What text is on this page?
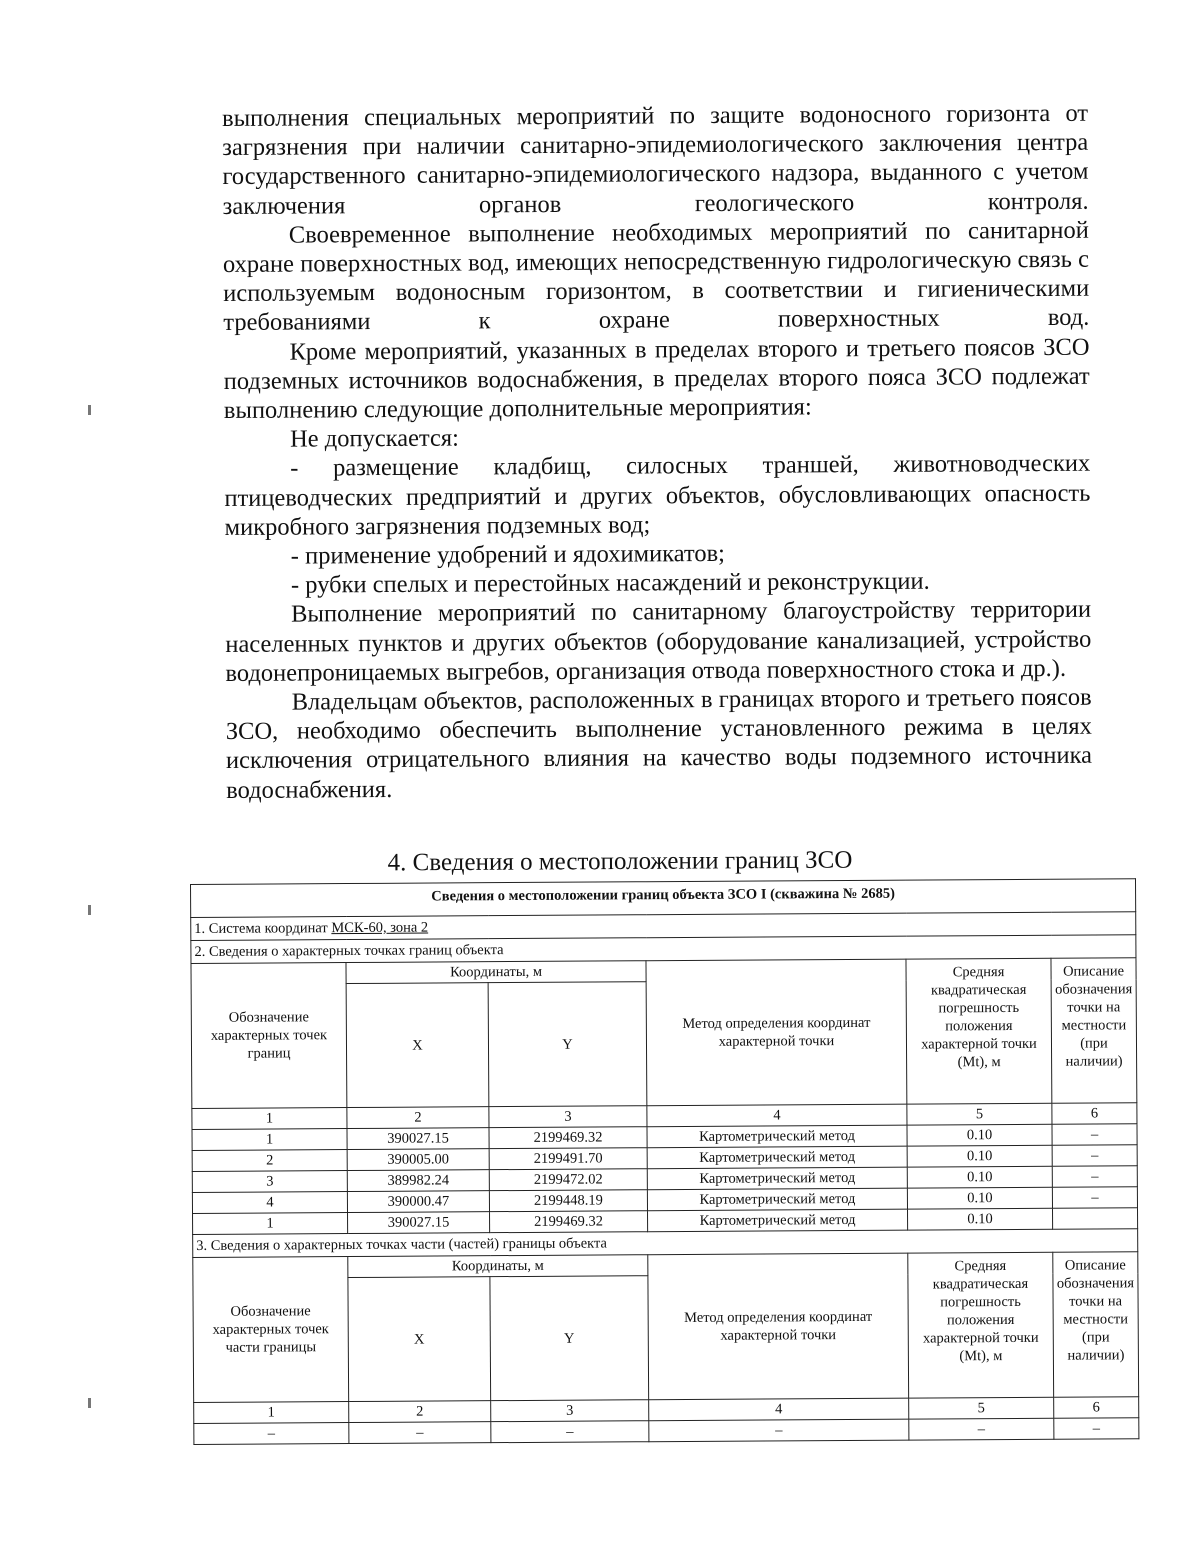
выполнения специальных мероприятий по защите водоносного горизонта от загрязнения при наличии санитарно-эпидемиологического заключения центра государственного санитарно-эпидемиологического надзора, выданного с учетом заключения органов геологического контроля.

Своевременное выполнение необходимых мероприятий по санитарной охране поверхностных вод, имеющих непосредственную гидрологическую связь с используемым водоносным горизонтом, в соответствии и гигиеническими требованиями к охране поверхностных вод.

Кроме мероприятий, указанных в пределах второго и третьего поясов ЗСО подземных источников водоснабжения, в пределах второго пояса ЗСО подлежат выполнению следующие дополнительные мероприятия:

Не допускается:

- размещение кладбищ, силосных траншей, животноводческих птицеводческих предприятий и других объектов, обусловливающих опасность микробного загрязнения подземных вод;

- применение удобрений и ядохимикатов;

- рубки спелых и перестойных насаждений и реконструкции.

Выполнение мероприятий по санитарному благоустройству территории населенных пунктов и других объектов (оборудование канализацией, устройство водонепроницаемых выгребов, организация отвода поверхностного стока и др.).

Владельцам объектов, расположенных в границах второго и третьего поясов ЗСО, необходимо обеспечить выполнение установленного режима в целях исключения отрицательного влияния на качество воды подземного источника водоснабжения.

4. Сведения о местоположении границ ЗСО
Сведения о местоположении границ объекта ЗСО I (скважина № 2685)					
1. Система координат МСК-60, зона 2					
2. Сведения о характерных точках границ объекта					
Обозначение характерных точек границ	Координаты, м		Метод определения координат характерной точки	Средняя квадратическая погрешность положения характерной точки (Mt), м	Описание обозначения точки на местности (при наличии)
	X	Y			
1	2	3	4	5	6
1	390027.15	2199469.32	Картометрический метод	0.10	–
2	390005.00	2199491.70	Картометрический метод	0.10	–
3	389982.24	2199472.02	Картометрический метод	0.10	–
4	390000.47	2199448.19	Картометрический метод	0.10	–
1	390027.15	2199469.32	Картометрический метод	0.10	
3. Сведения о характерных точках части (частей) границы объекта					
Обозначение характерных точек части границы	Координаты, м		Метод определения координат характерной точки	Средняя квадратическая погрешность положения характерной точки (Mt), м	Описание обозначения точки на местности (при наличии)
	X	Y			
1	2	3	4	5	6
–	–	–	–	–	–
